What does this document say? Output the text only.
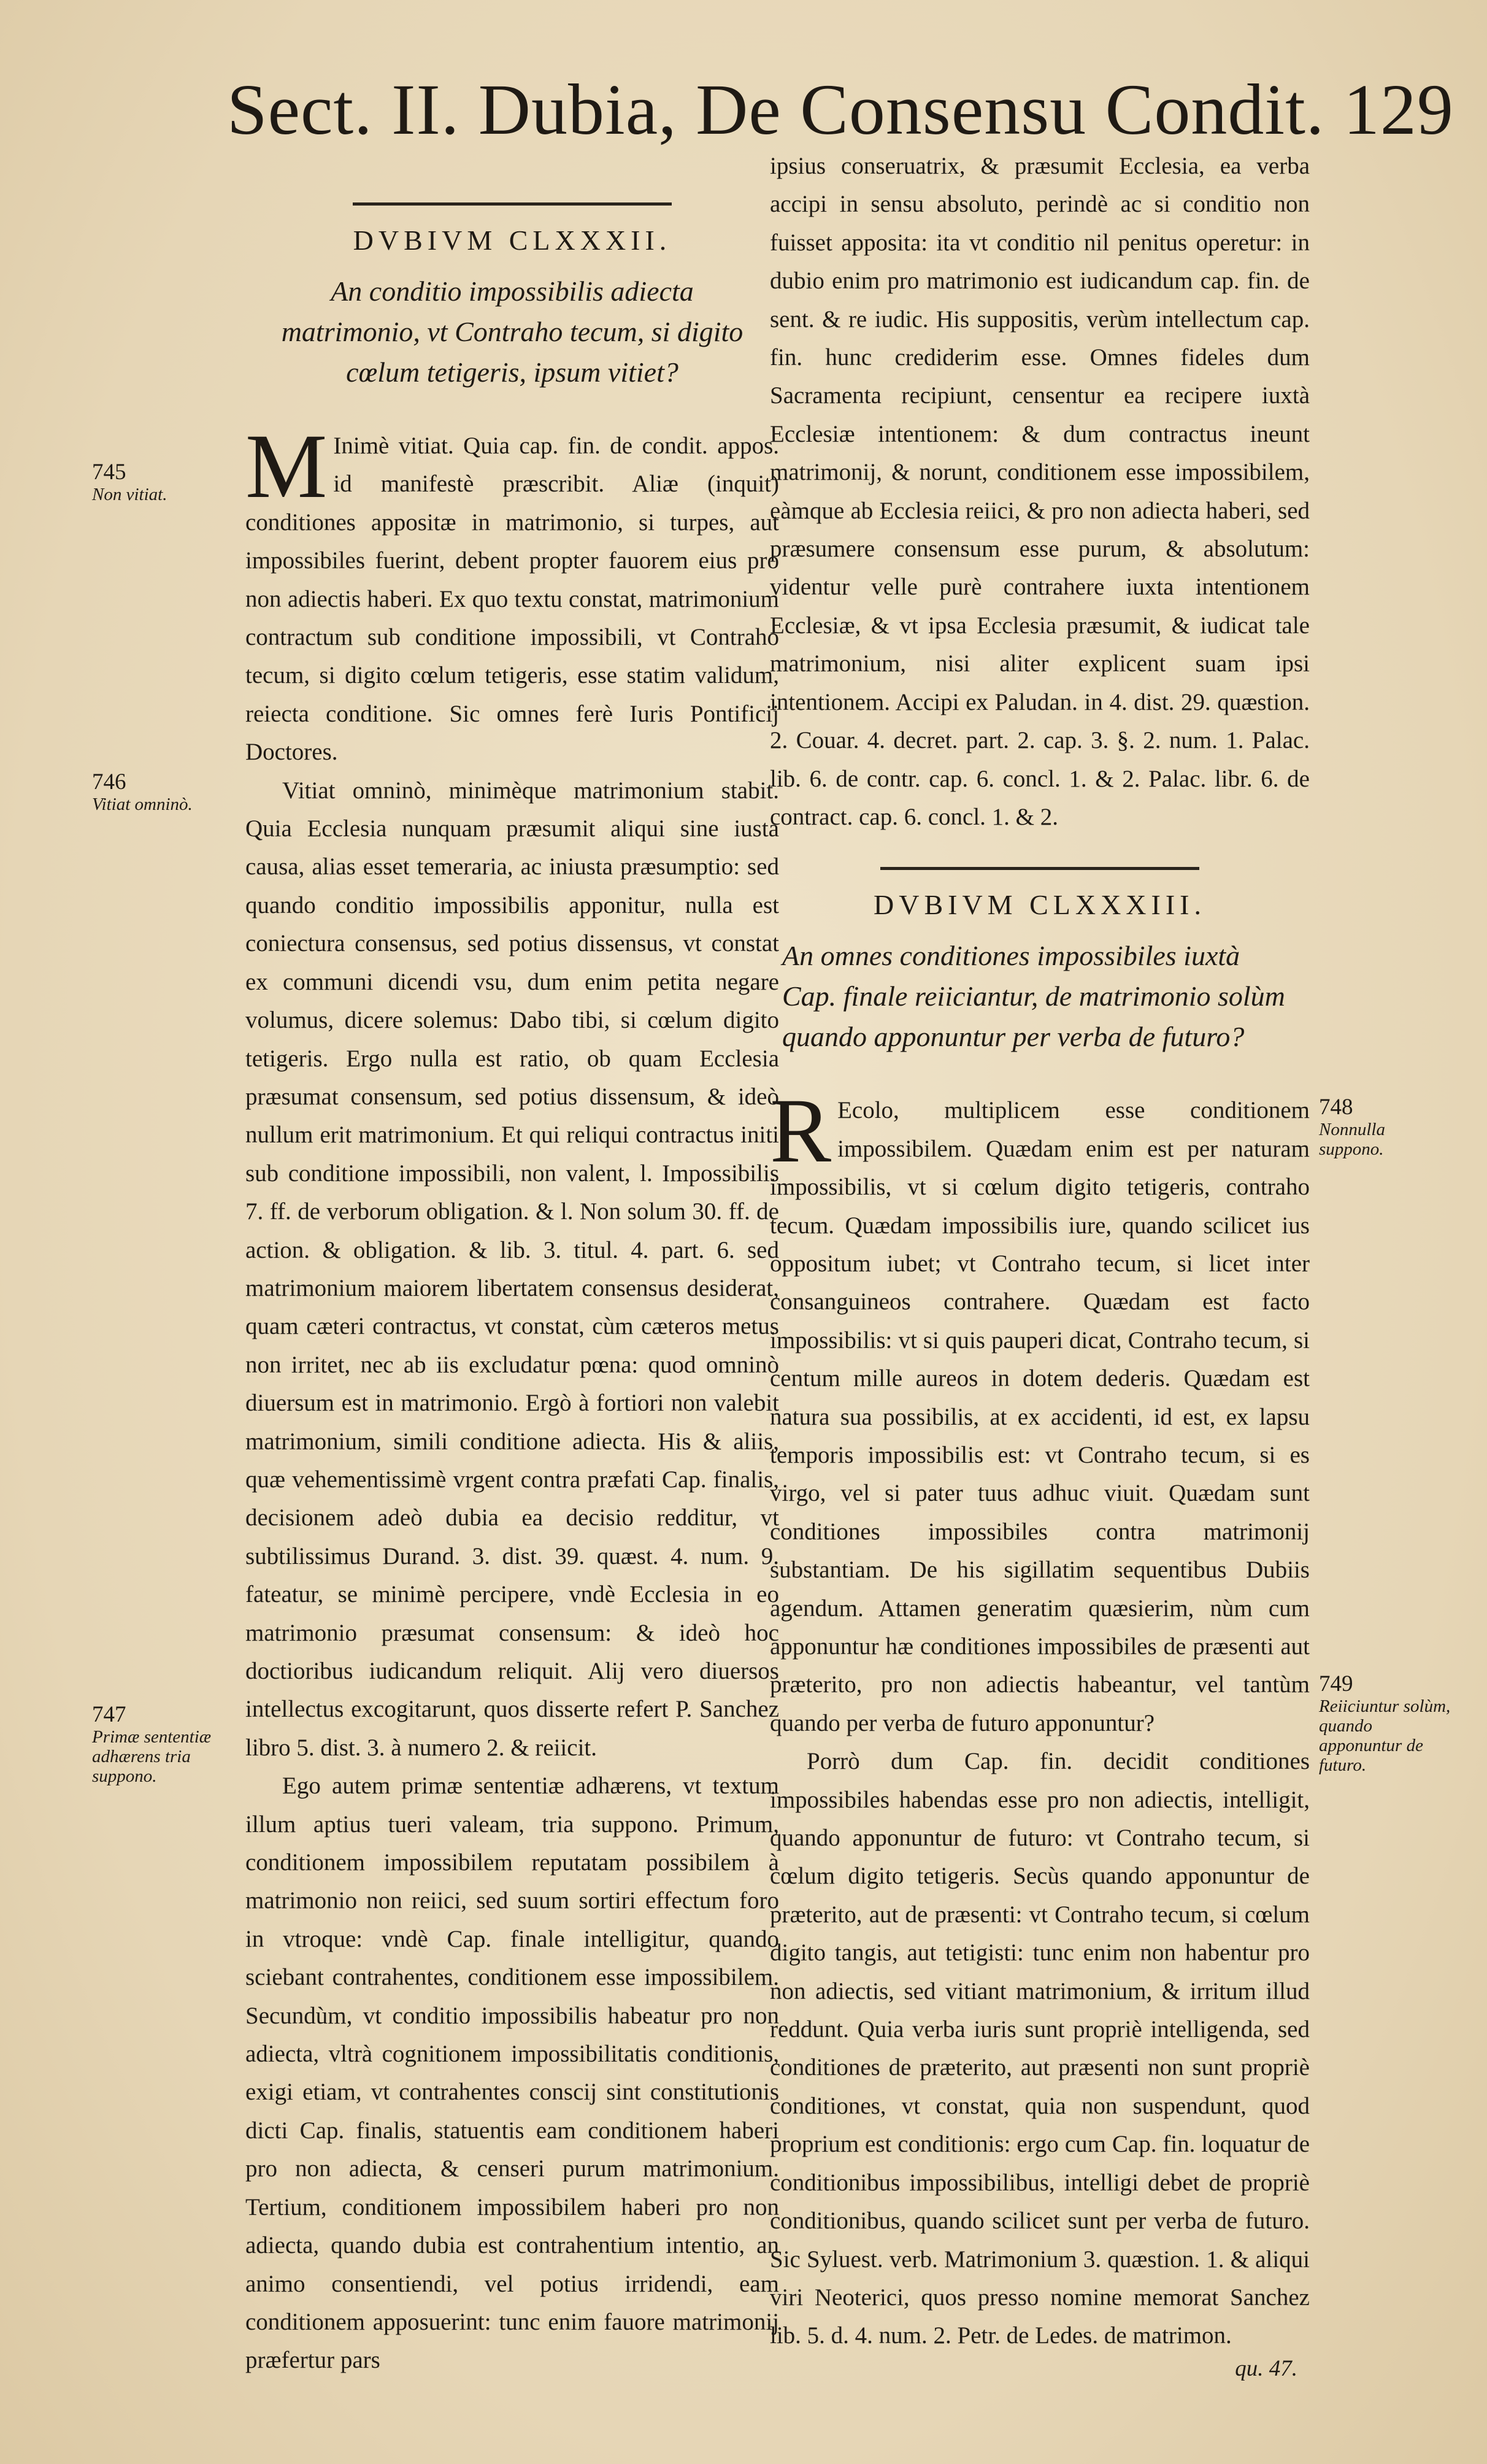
Sect. II. Dubia, De Consensu Condit. 129
DVBIVM CLXXXII.
An conditio impossibilis adiecta matrimonio, vt Contraho tecum, si digito cœlum tetigeris, ipsum vitiet?

M Inimè vitiat. Quia cap. fin. de condit. appos. id manifestè præscribit. Aliæ (inquit) conditiones appositæ in matrimonio, si turpes, aut impossibiles fuerint, debent propter fauorem eius pro non adiectis haberi. Ex quo textu constat, matrimonium contractum sub conditione impossibili, vt Contraho tecum, si digito cœlum tetigeris, esse statim validum, reiecta conditione. Sic omnes ferè Iuris Pontificij Doctores.

Vitiat omninò, minimèque matrimonium stabit. Quia Ecclesia nunquam præsumit aliqui sine iusta causa, alias esset temeraria, ac iniusta præsumptio: sed quando conditio impossibilis apponitur, nulla est coniectura consensus, sed potius dissensus, vt constat ex communi dicendi vsu, dum enim petita negare volumus, dicere solemus: Dabo tibi, si cœlum digito tetigeris. Ergo nulla est ratio, ob quam Ecclesia præsumat consensum, sed potius dissensum, & ideò nullum erit matrimonium. Et qui reliqui contractus initi sub conditione impossibili, non valent, l. Impossibilis 7. ff. de verborum obligation. & l. Non solum 30. ff. de action. & obligation. & lib. 3. titul. 4. part. 6. sed matrimonium maiorem libertatem consensus desiderat, quam cæteri contractus, vt constat, cùm cæteros metus non irritet, nec ab iis excludatur pœna: quod omninò diuersum est in matrimonio. Ergò à fortiori non valebit matrimonium, simili conditione adiecta. His & aliis, quæ vehementissimè vrgent contra præfati Cap. finalis, decisionem adeò dubia ea decisio redditur, vt subtilissimus Durand. 3. dist. 39. quæst. 4. num. 9. fateatur, se minimè percipere, vndè Ecclesia in eo matrimonio præsumat consensum: & ideò hoc doctioribus iudicandum reliquit. Alij vero diuersos intellectus excogitarunt, quos disserte refert P. Sanchez libro 5. dist. 3. à numero 2. & reiicit.

Ego autem primæ sententiæ adhærens, vt textum illum aptius tueri valeam, tria suppono. Primum, conditionem impossibilem reputatam possibilem à matrimonio non reiici, sed suum sortiri effectum foro in vtroque: vndè Cap. finale intelligitur, quando sciebant contrahentes, conditionem esse impossibilem. Secundùm, vt conditio impossibilis habeatur pro non adiecta, vltrà cognitionem impossibilitatis conditionis, exigi etiam, vt contrahentes conscij sint constitutionis dicti Cap. finalis, statuentis eam conditionem haberi pro non adiecta, & censeri purum matrimonium. Tertium, conditionem impossibilem haberi pro non adiecta, quando dubia est contrahentium intentio, an animo consentiendi, vel potius irridendi, eam conditionem apposuerint: tunc enim fauore matrimonij præfertur pars

745
Non vitiat.
746
Vitiat omninò.
747
Primæ sententiæ adhærens tria suppono.

ipsius conseruatrix, & præsumit Ecclesia, ea verba accipi in sensu absoluto, perindè ac si conditio non fuisset apposita: ita vt conditio nil penitus operetur: in dubio enim pro matrimonio est iudicandum cap. fin. de sent. & re iudic. His suppositis, verùm intellectum cap. fin. hunc crediderim esse. Omnes fideles dum Sacramenta recipiunt, censentur ea recipere iuxtà Ecclesiæ intentionem: & dum contractus ineunt matrimonij, & norunt, conditionem esse impossibilem, eàmque ab Ecclesia reiici, & pro non adiecta haberi, sed præsumere consensum esse purum, & absolutum: videntur velle purè contrahere iuxta intentionem Ecclesiæ, & vt ipsa Ecclesia præsumit, & iudicat tale matrimonium, nisi aliter explicent suam ipsi intentionem. Accipi ex Paludan. in 4. dist. 29. quæstion. 2. Couar. 4. decret. part. 2. cap. 3. §. 2. num. 1. Palac. lib. 6. de contr. cap. 6. concl. 1. & 2. Palac. libr. 6. de contract. cap. 6. concl. 1. & 2.

DVBIVM CLXXXIII.
An omnes conditiones impossibiles iuxtà Cap. finale reiiciantur, de matrimonio solùm quando apponuntur per verba de futuro?

R Ecolo, multiplicem esse conditionem impossibilem. Quædam enim est per naturam impossibilis, vt si cœlum digito tetigeris, contraho tecum. Quædam impossibilis iure, quando scilicet ius oppositum iubet; vt Contraho tecum, si licet inter consanguineos contrahere. Quædam est facto impossibilis: vt si quis pauperi dicat, Contraho tecum, si centum mille aureos in dotem dederis. Quædam est natura sua possibilis, at ex accidenti, id est, ex lapsu temporis impossibilis est: vt Contraho tecum, si es virgo, vel si pater tuus adhuc viuit. Quædam sunt conditiones impossibiles contra matrimonij substantiam. De his sigillatim sequentibus Dubiis agendum. Attamen generatim quæsierim, nùm cum apponuntur hæ conditiones impossibiles de præsenti aut præterito, pro non adiectis habeantur, vel tantùm quando per verba de futuro apponuntur?

Porrò dum Cap. fin. decidit conditiones impossibiles habendas esse pro non adiectis, intelligit, quando apponuntur de futuro: vt Contraho tecum, si cœlum digito tetigeris. Secùs quando apponuntur de præterito, aut de præsenti: vt Contraho tecum, si cœlum digito tangis, aut tetigisti: tunc enim non habentur pro non adiectis, sed vitiant matrimonium, & irritum illud reddunt. Quia verba iuris sunt propriè intelligenda, sed conditiones de præterito, aut præsenti non sunt propriè conditiones, vt constat, quia non suspendunt, quod proprium est conditionis: ergo cum Cap. fin. loquatur de conditionibus impossibilibus, intelligi debet de propriè conditionibus, quando scilicet sunt per verba de futuro. Sic Syluest. verb. Matrimonium 3. quæstion. 1. & aliqui viri Neoterici, quos presso nomine memorat Sanchez lib. 5. d. 4. num. 2. Petr. de Ledes. de matrimon.

qu. 47.
748
Nonnulla suppono.
749
Reiiciuntur solùm, quando apponuntur de futuro.
